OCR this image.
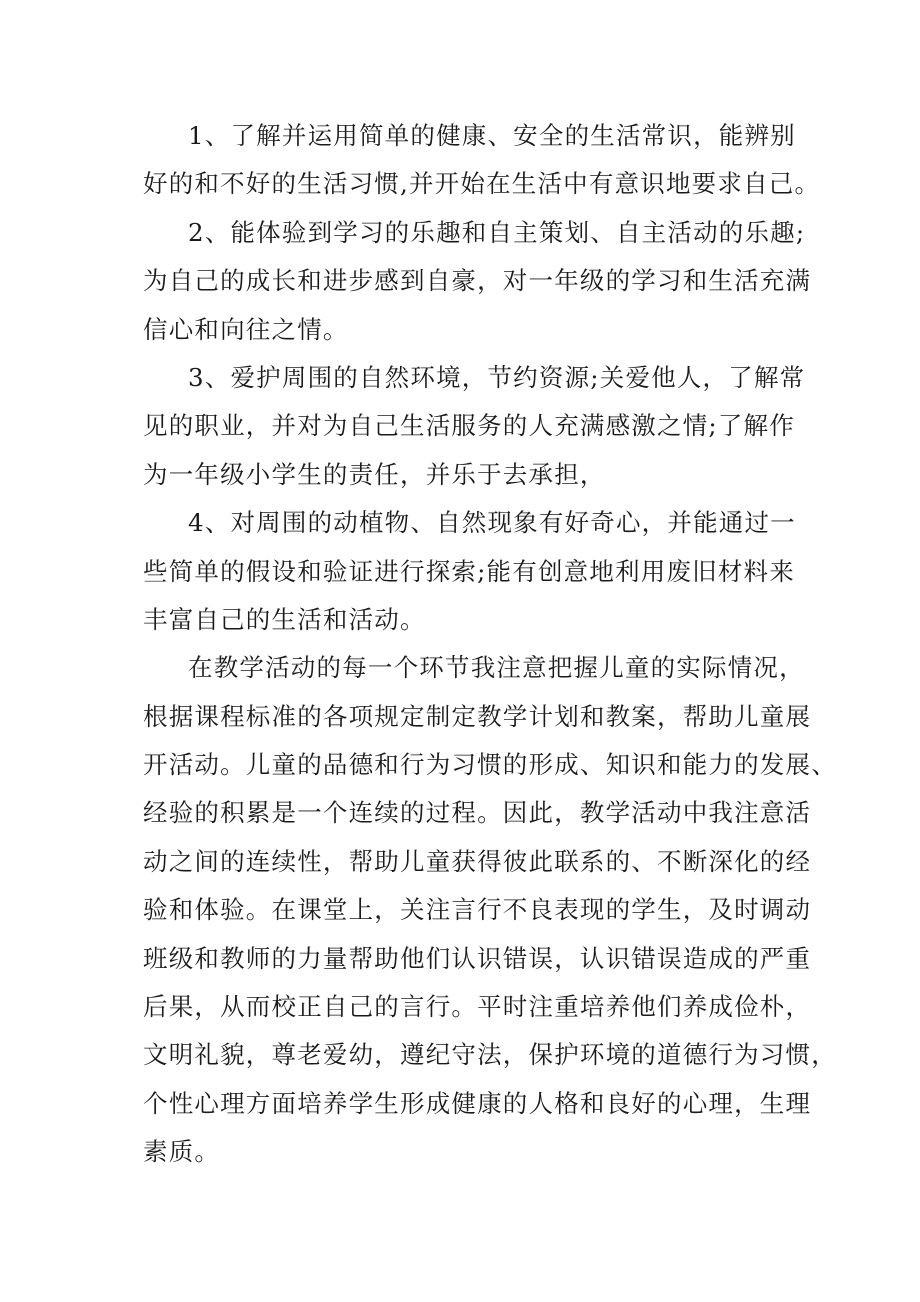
1、了解并运用简单的健康、安全的生活常识，能辨别
好的和不好的生活习惯,并开始在生活中有意识地要求自己。
2、能体验到学习的乐趣和自主策划、自主活动的乐趣;
为自己的成长和进步感到自豪，对一年级的学习和生活充满
信心和向往之情。
3、爱护周围的自然环境，节约资源;关爱他人，了解常
见的职业，并对为自己生活服务的人充满感激之情;了解作
为一年级小学生的责任，并乐于去承担，
4、对周围的动植物、自然现象有好奇心，并能通过一
些简单的假设和验证进行探索;能有创意地利用废旧材料来
丰富自己的生活和活动。
在教学活动的每一个环节我注意把握儿童的实际情况，
根据课程标准的各项规定制定教学计划和教案，帮助儿童展
开活动。儿童的品德和行为习惯的形成、知识和能力的发展、
经验的积累是一个连续的过程。因此，教学活动中我注意活
动之间的连续性，帮助儿童获得彼此联系的、不断深化的经
验和体验。在课堂上，关注言行不良表现的学生，及时调动
班级和教师的力量帮助他们认识错误，认识错误造成的严重
后果，从而校正自己的言行。平时注重培养他们养成俭朴，
文明礼貌，尊老爱幼，遵纪守法，保护环境的道德行为习惯，
个性心理方面培养学生形成健康的人格和良好的心理，生理
素质。
